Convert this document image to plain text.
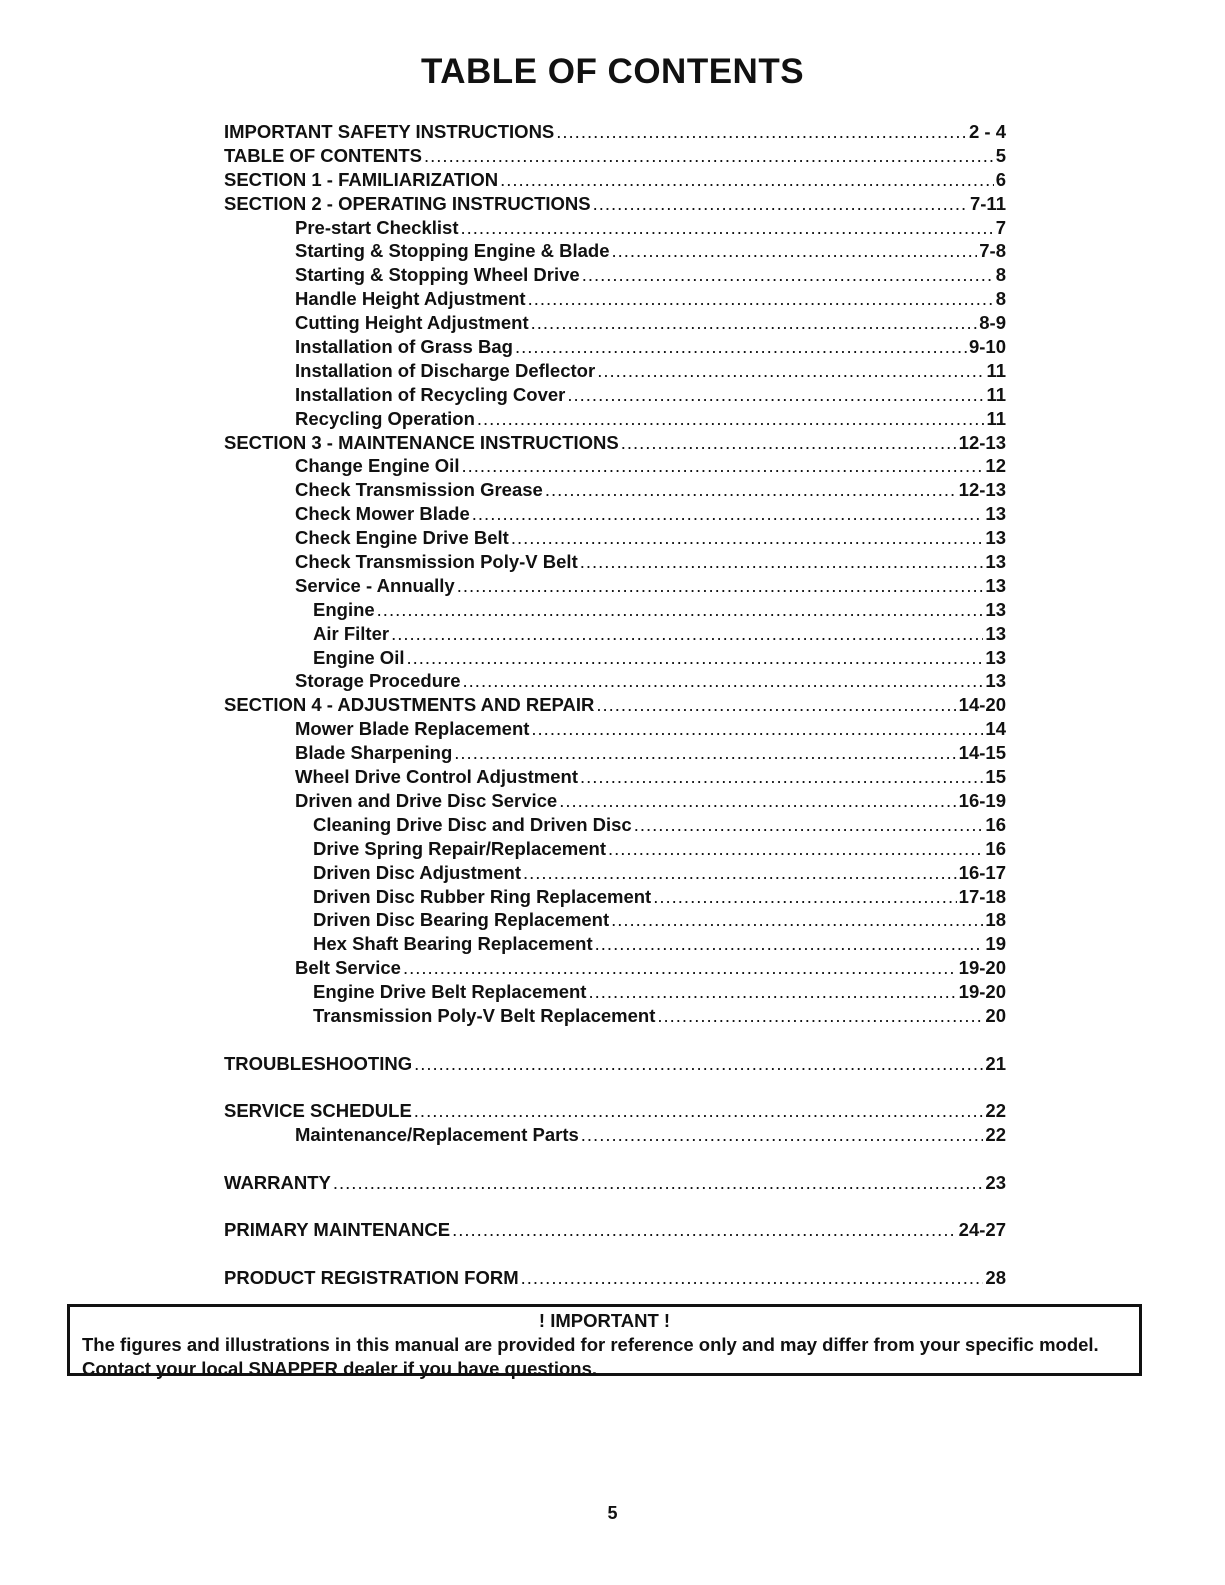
TABLE OF CONTENTS
IMPORTANT SAFETY INSTRUCTIONS .....	2 - 4
TABLE OF CONTENTS .....	5
SECTION 1 - FAMILIARIZATION .....	6
SECTION 2 - OPERATING INSTRUCTIONS .....	7-11
Pre-start Checklist .....	7
Starting & Stopping Engine & Blade .....	7-8
Starting & Stopping Wheel Drive .....	8
Handle Height Adjustment .....	8
Cutting Height Adjustment .....	8-9
Installation of Grass Bag .....	9-10
Installation of Discharge Deflector .....	11
Installation of Recycling Cover .....	11
Recycling Operation .....	11
SECTION 3 - MAINTENANCE INSTRUCTIONS .....	12-13
Change Engine Oil .....	12
Check Transmission Grease .....	12-13
Check Mower Blade .....	13
Check Engine Drive Belt .....	13
Check Transmission Poly-V Belt .....	13
Service - Annually .....	13
Engine .....	13
Air Filter .....	13
Engine Oil .....	13
Storage Procedure .....	13
SECTION 4 - ADJUSTMENTS AND REPAIR .....	14-20
Mower Blade Replacement .....	14
Blade Sharpening .....	14-15
Wheel Drive Control Adjustment .....	15
Driven and Drive Disc Service .....	16-19
Cleaning Drive Disc and Driven Disc .....	16
Drive Spring Repair/Replacement .....	16
Driven Disc Adjustment .....	16-17
Driven Disc Rubber Ring Replacement .....	17-18
Driven Disc Bearing Replacement .....	18
Hex Shaft Bearing Replacement .....	19
Belt Service .....	19-20
Engine Drive Belt Replacement .....	19-20
Transmission Poly-V Belt Replacement .....	20
TROUBLESHOOTING .....	21
SERVICE SCHEDULE .....	22
Maintenance/Replacement Parts .....	22
WARRANTY .....	23
PRIMARY MAINTENANCE .....	24-27
PRODUCT REGISTRATION FORM .....	28
! IMPORTANT !
The figures and illustrations in this manual are provided for reference only and may differ from your specific model. Contact your local SNAPPER dealer if you have questions.
5
